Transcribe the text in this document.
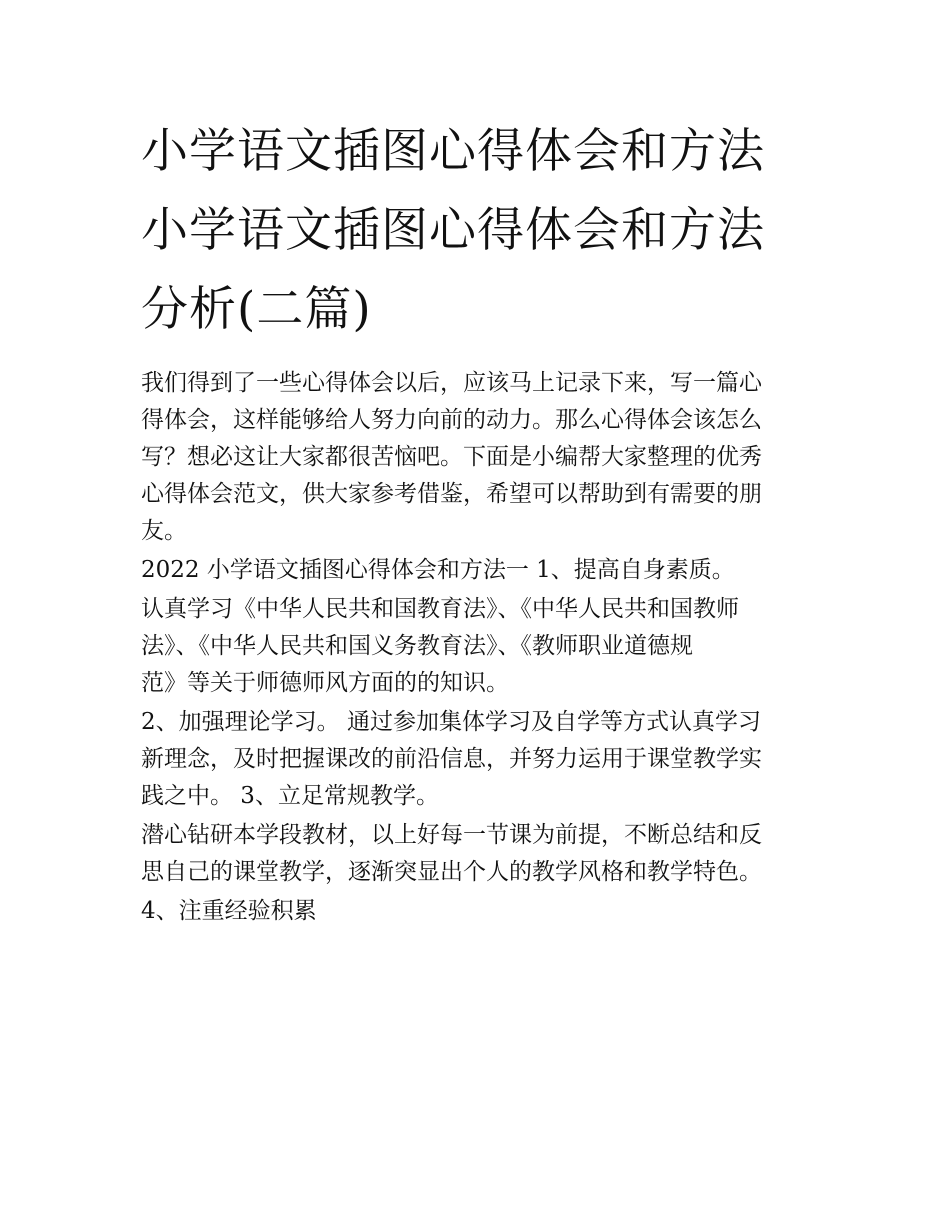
小学语文插图心得体会和方法
小学语文插图心得体会和方法
分析(二篇)

我们得到了一些心得体会以后，应该马上记录下来，写一篇心
得体会，这样能够给人努力向前的动力。那么心得体会该怎么
写？想必这让大家都很苦恼吧。下面是小编帮大家整理的优秀
心得体会范文，供大家参考借鉴，希望可以帮助到有需要的朋
友。

2022 小学语文插图心得体会和方法一 1、提高自身素质。

认真学习《中华人民共和国教育法》、《中华人民共和国教师
法》、《中华人民共和国义务教育法》、《教师职业道德规
范》等关于师德师风方面的的知识。

2、加强理论学习。 通过参加集体学习及自学等方式认真学习
新理念，及时把握课改的前沿信息，并努力运用于课堂教学实
践之中。 3、立足常规教学。

潜心钻研本学段教材，以上好每一节课为前提，不断总结和反
思自己的课堂教学，逐渐突显出个人的教学风格和教学特色。

4、注重经验积累
